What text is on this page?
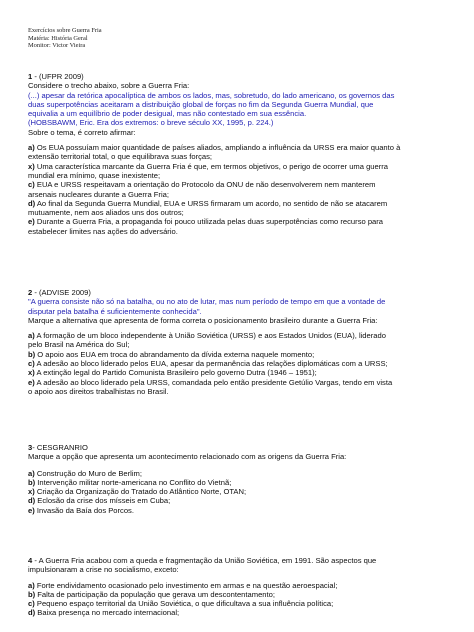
Exercícios sobre Guerra Fria
Matéria: História Geral
Monitor: Victor Vieira
1 - (UFPR 2009)
Considere o trecho abaixo, sobre a Guerra Fria:
(...) apesar da retórica apocalíptica de ambos os lados, mas, sobretudo, do lado americano, os governos das
duas superpotências aceitaram a distribuição global de forças no fim da Segunda Guerra Mundial, que
equivalia a um equilíbrio de poder desigual, mas não contestado em sua essência.
(HOBSBAWM, Eric. Era dos extremos: o breve século XX, 1995, p. 224.)
Sobre o tema, é correto afirmar:
a) Os EUA possuíam maior quantidade de países aliados, ampliando a influência da URSS era maior quanto à
extensão territorial total, o que equilibrava suas forças;
x) Uma característica marcante da Guerra Fria é que, em termos objetivos, o perigo de ocorrer uma guerra
mundial era mínimo, quase inexistente;
c) EUA e URSS respeitavam a orientação do Protocolo da ONU de não desenvolverem nem manterem
arsenais nucleares durante a Guerra Fria;
d) Ao final da Segunda Guerra Mundial, EUA e URSS firmaram um acordo, no sentido de não se atacarem
mutuamente, nem aos aliados uns dos outros;
e) Durante a Guerra Fria, a propaganda foi pouco utilizada pelas duas superpotências como recurso para
estabelecer limites nas ações do adversário.
2 - (ADVISE 2009)
"A guerra consiste não só na batalha, ou no ato de lutar, mas num período de tempo em que a vontade de
disputar pela batalha é suficientemente conhecida".
Marque a alternativa que apresenta de forma correta o posicionamento brasileiro durante a Guerra Fria:
a) A formação de um bloco independente à União Soviética (URSS) e aos Estados Unidos (EUA), liderado
pelo Brasil na América do Sul;
b) O apoio aos EUA em troca do abrandamento da dívida externa naquele momento;
c) A adesão ao bloco liderado pelos EUA, apesar da permanência das relações diplomáticas com a URSS;
x) A extinção legal do Partido Comunista Brasileiro pelo governo Dutra (1946 – 1951);
e) A adesão ao bloco liderado pela URSS, comandada pelo então presidente Getúlio Vargas, tendo em vista
o apoio aos direitos trabalhistas no Brasil.
3- CESGRANRIO
Marque a opção que apresenta um acontecimento relacionado com as origens da Guerra Fria:
a) Construção do Muro de Berlim;
b) Intervenção militar norte-americana no Conflito do Vietnã;
x) Criação da Organização do Tratado do Atlântico Norte, OTAN;
d) Eclosão da crise dos mísseis em Cuba;
e) Invasão da Baía dos Porcos.
4 - A Guerra Fria acabou com a queda e fragmentação da União Soviética, em 1991. São aspectos que
impulsionaram a crise no socialismo, exceto:
a) Forte endividamento ocasionado pelo investimento em armas e na questão aeroespacial;
b) Falta de participação da população que gerava um descontentamento;
c) Pequeno espaço territorial da União Soviética, o que dificultava a sua influência política;
d) Baixa presença no mercado internacional;
